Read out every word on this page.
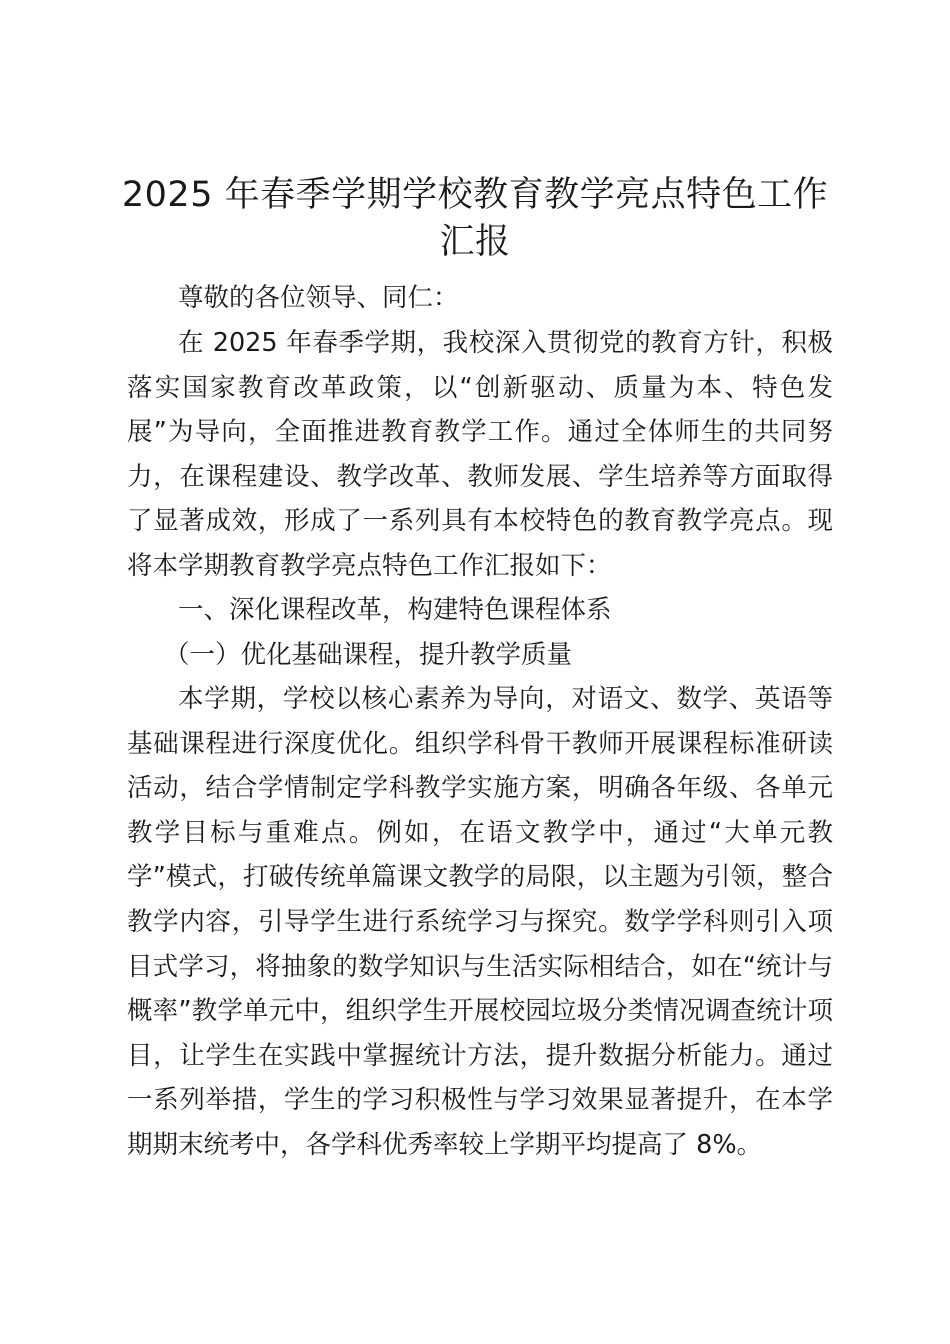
2025 年春季学期学校教育教学亮点特色工作汇报

尊敬的各位领导、同仁：

在 2025 年春季学期，我校深入贯彻党的教育方针，积极落实国家教育改革政策，以“创新驱动、质量为本、特色发展”为导向，全面推进教育教学工作。通过全体师生的共同努力，在课程建设、教学改革、教师发展、学生培养等方面取得了显著成效，形成了一系列具有本校特色的教育教学亮点。现将本学期教育教学亮点特色工作汇报如下：

一、深化课程改革，构建特色课程体系

（一）优化基础课程，提升教学质量

本学期，学校以核心素养为导向，对语文、数学、英语等基础课程进行深度优化。组织学科骨干教师开展课程标准研读活动，结合学情制定学科教学实施方案，明确各年级、各单元教学目标与重难点。例如，在语文教学中，通过“大单元教学”模式，打破传统单篇课文教学的局限，以主题为引领，整合教学内容，引导学生进行系统学习与探究。数学学科则引入项目式学习，将抽象的数学知识与生活实际相结合，如在“统计与概率”教学单元中，组织学生开展校园垃圾分类情况调查统计项目，让学生在实践中掌握统计方法，提升数据分析能力。通过一系列举措，学生的学习积极性与学习效果显著提升，在本学期期末统考中，各学科优秀率较上学期平均提高了 8%。
